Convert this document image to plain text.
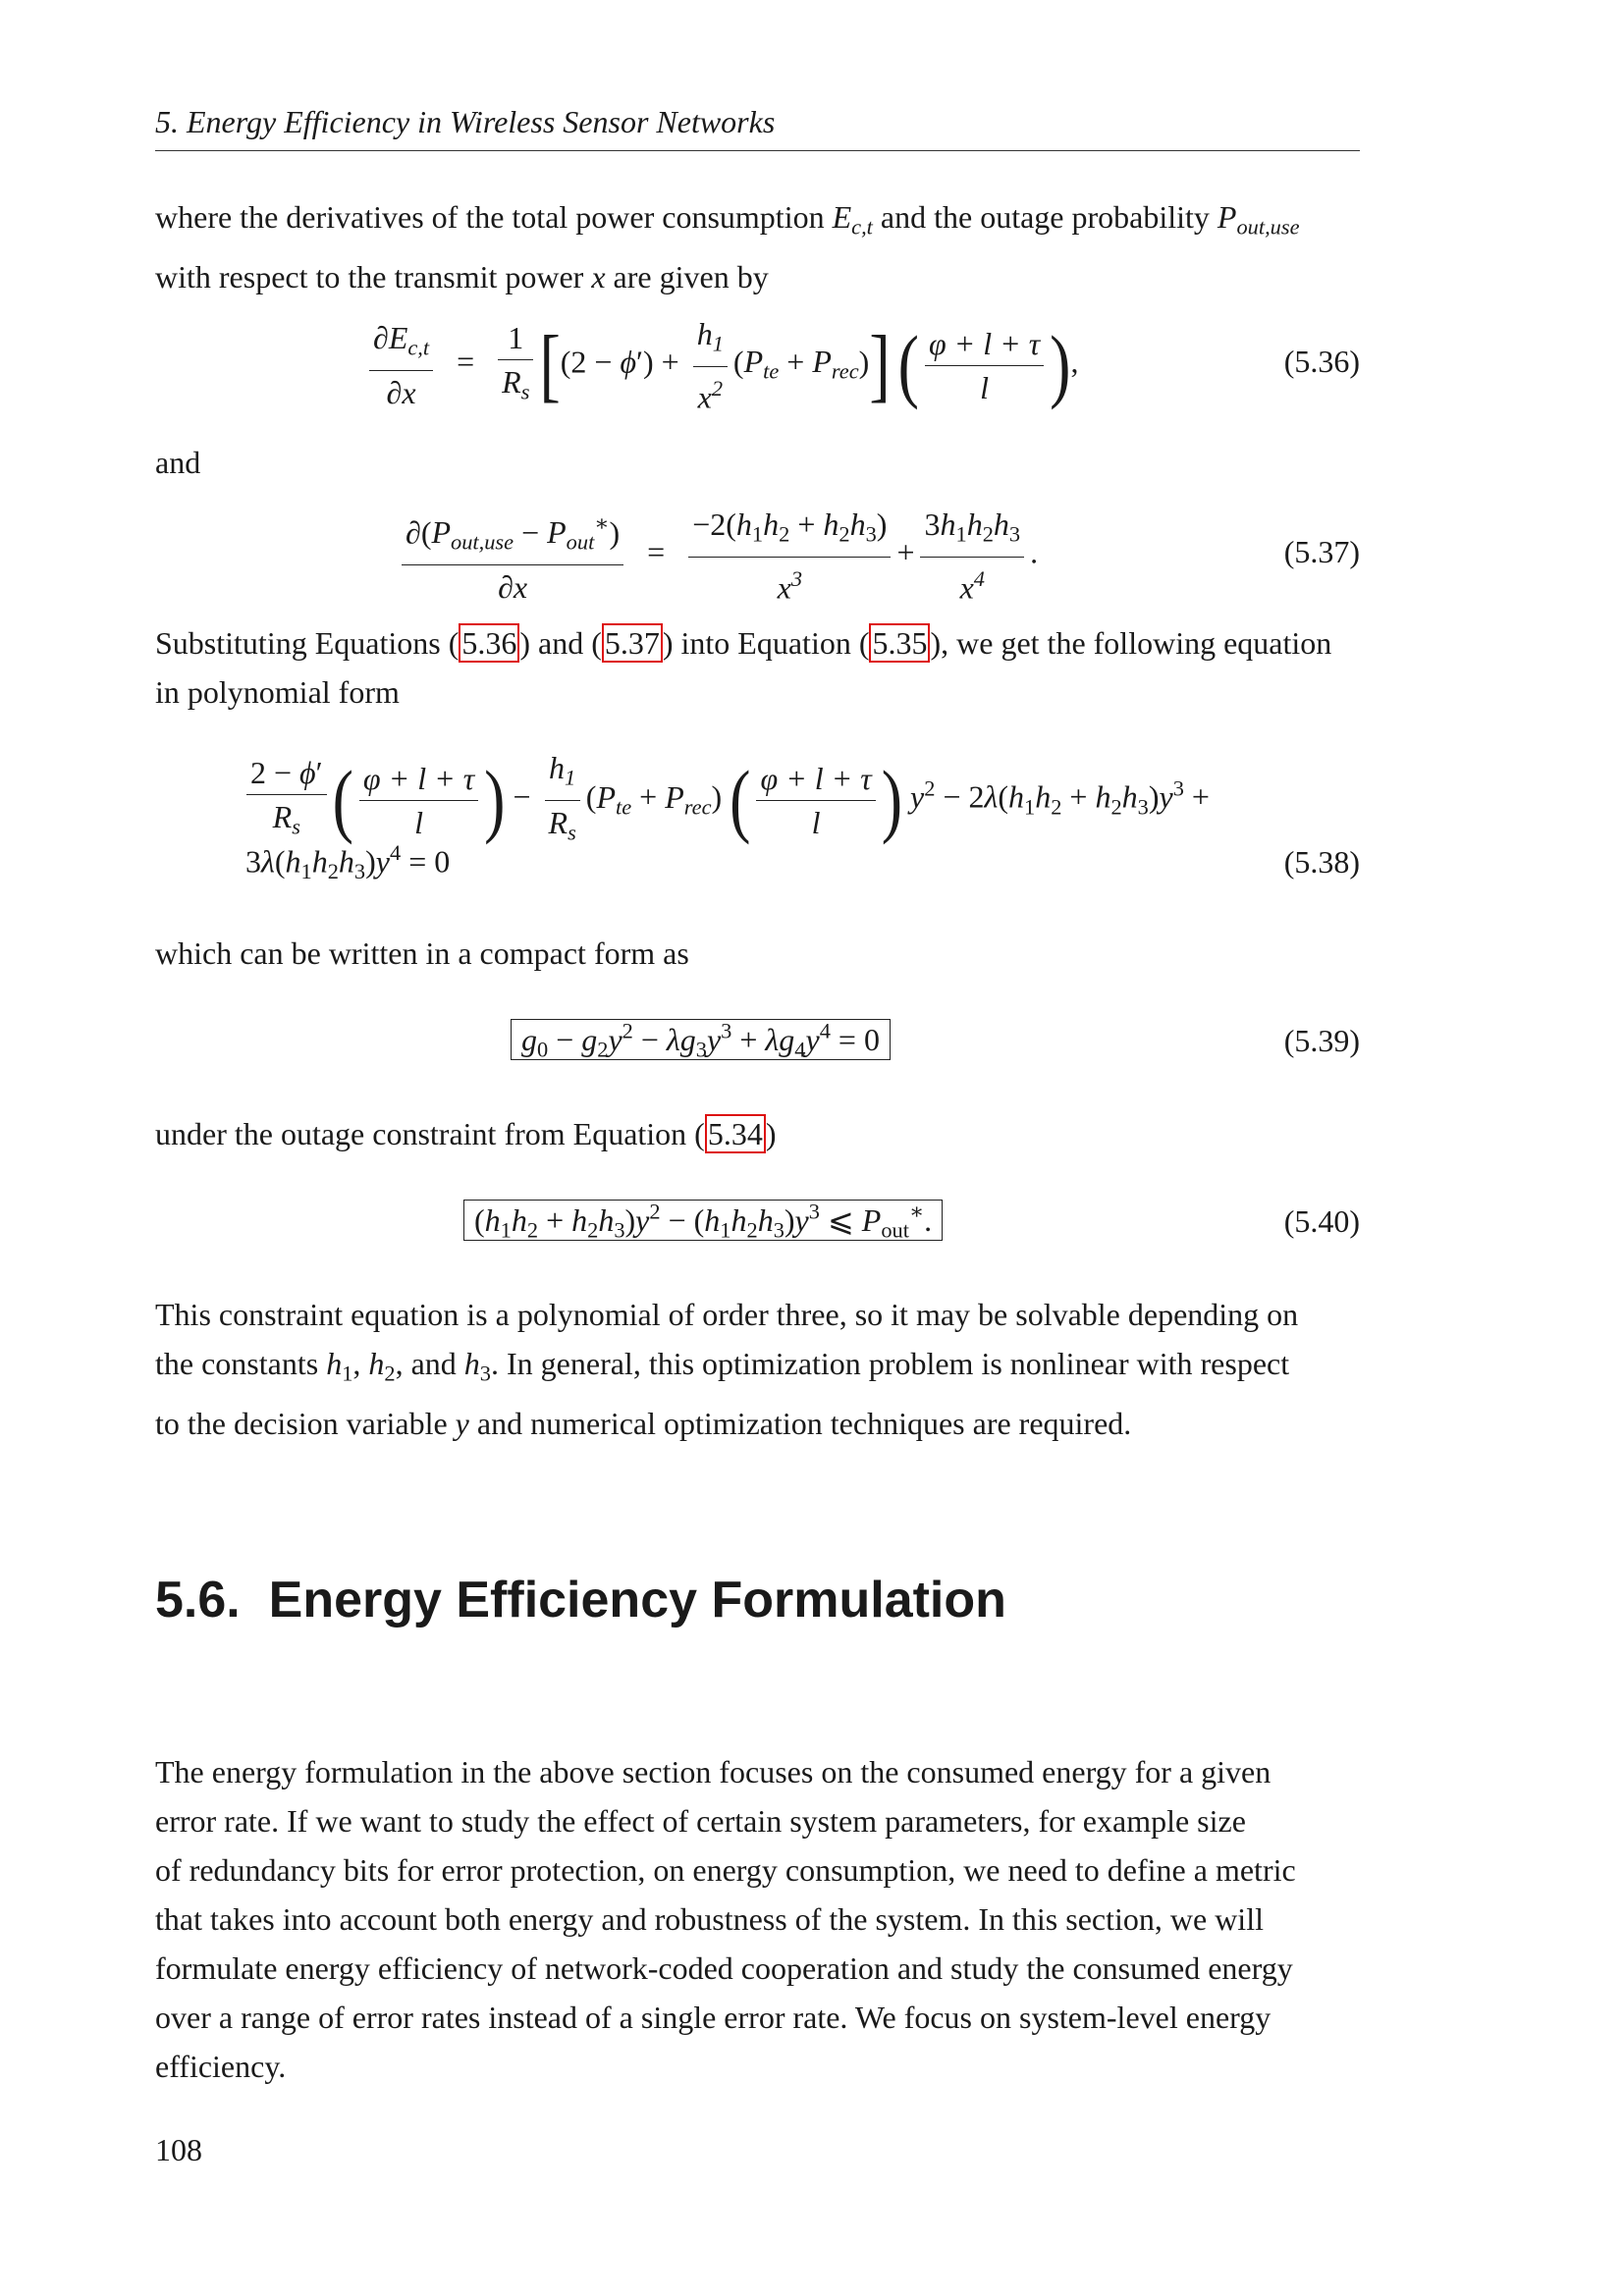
5. Energy Efficiency in Wireless Sensor Networks

where the derivatives of the total power consumption $E_{c,t}$ and the outage probability $P_{out,use}$

with respect to the transmit power x are given by

$\frac{\partial E_{c,t}}{\partial x} = \frac{1}{R_s} [(2 - \phi') + \frac{h_1}{x^2} (P_{te} + P_{rec})]$ ( $\frac{\varphi + l + \tau}{l}$ ),	(5.36)

and

$\frac{\partial(P_{out,use} - P_{out}^∗)}{\partial x} = \frac{-2(h_1h_2 + h_2h_3)}{x^3} + \frac{3h_1h_2h_3}{x^4}$ .	(5.37)

Substituting Equations (5.36) and (5.37) into Equation (5.35), we get the following equation

in polynomial form

$\frac{2 - \phi'}{R_s}$ ( $\frac{\varphi + l + \tau}{l}$ ) − $\frac{h_1}{R_s} (P_{te} + P_{rec})$ ( $\frac{\varphi + l + \tau}{l}$ ) $y^2 - 2\lambda(h_1h_2 + h_2h_3)y^3$ +
$3\lambda(h_1h_2h_3)y^4 = 0$	(5.38)

which can be written in a compact form as

$g_0 - g_2y^2 - \lambda g_3y^3 + \lambda g_4y^4 = 0$	(5.39)

under the outage constraint from Equation (5.34)

$(h_1h_2 + h_2h_3)y^2 - (h_1h_2h_3)y^3$ ⩽ $P_{out}^∗$.	(5.40)

This constraint equation is a polynomial of order three, so it may be solvable depending on

the constants $h_1$, $h_2$, and $h_3$. In general, this optimization problem is nonlinear with respect

to the decision variable y and numerical optimization techniques are required.

5.6. Energy Efficiency Formulation

The energy formulation in the above section focuses on the consumed energy for a given

error rate. If we want to study the effect of certain system parameters, for example size

of redundancy bits for error protection, on energy consumption, we need to define a metric

that takes into account both energy and robustness of the system. In this section, we will

formulate energy efficiency of network-coded cooperation and study the consumed energy

over a range of error rates instead of a single error rate. We focus on system-level energy

efficiency.

108
